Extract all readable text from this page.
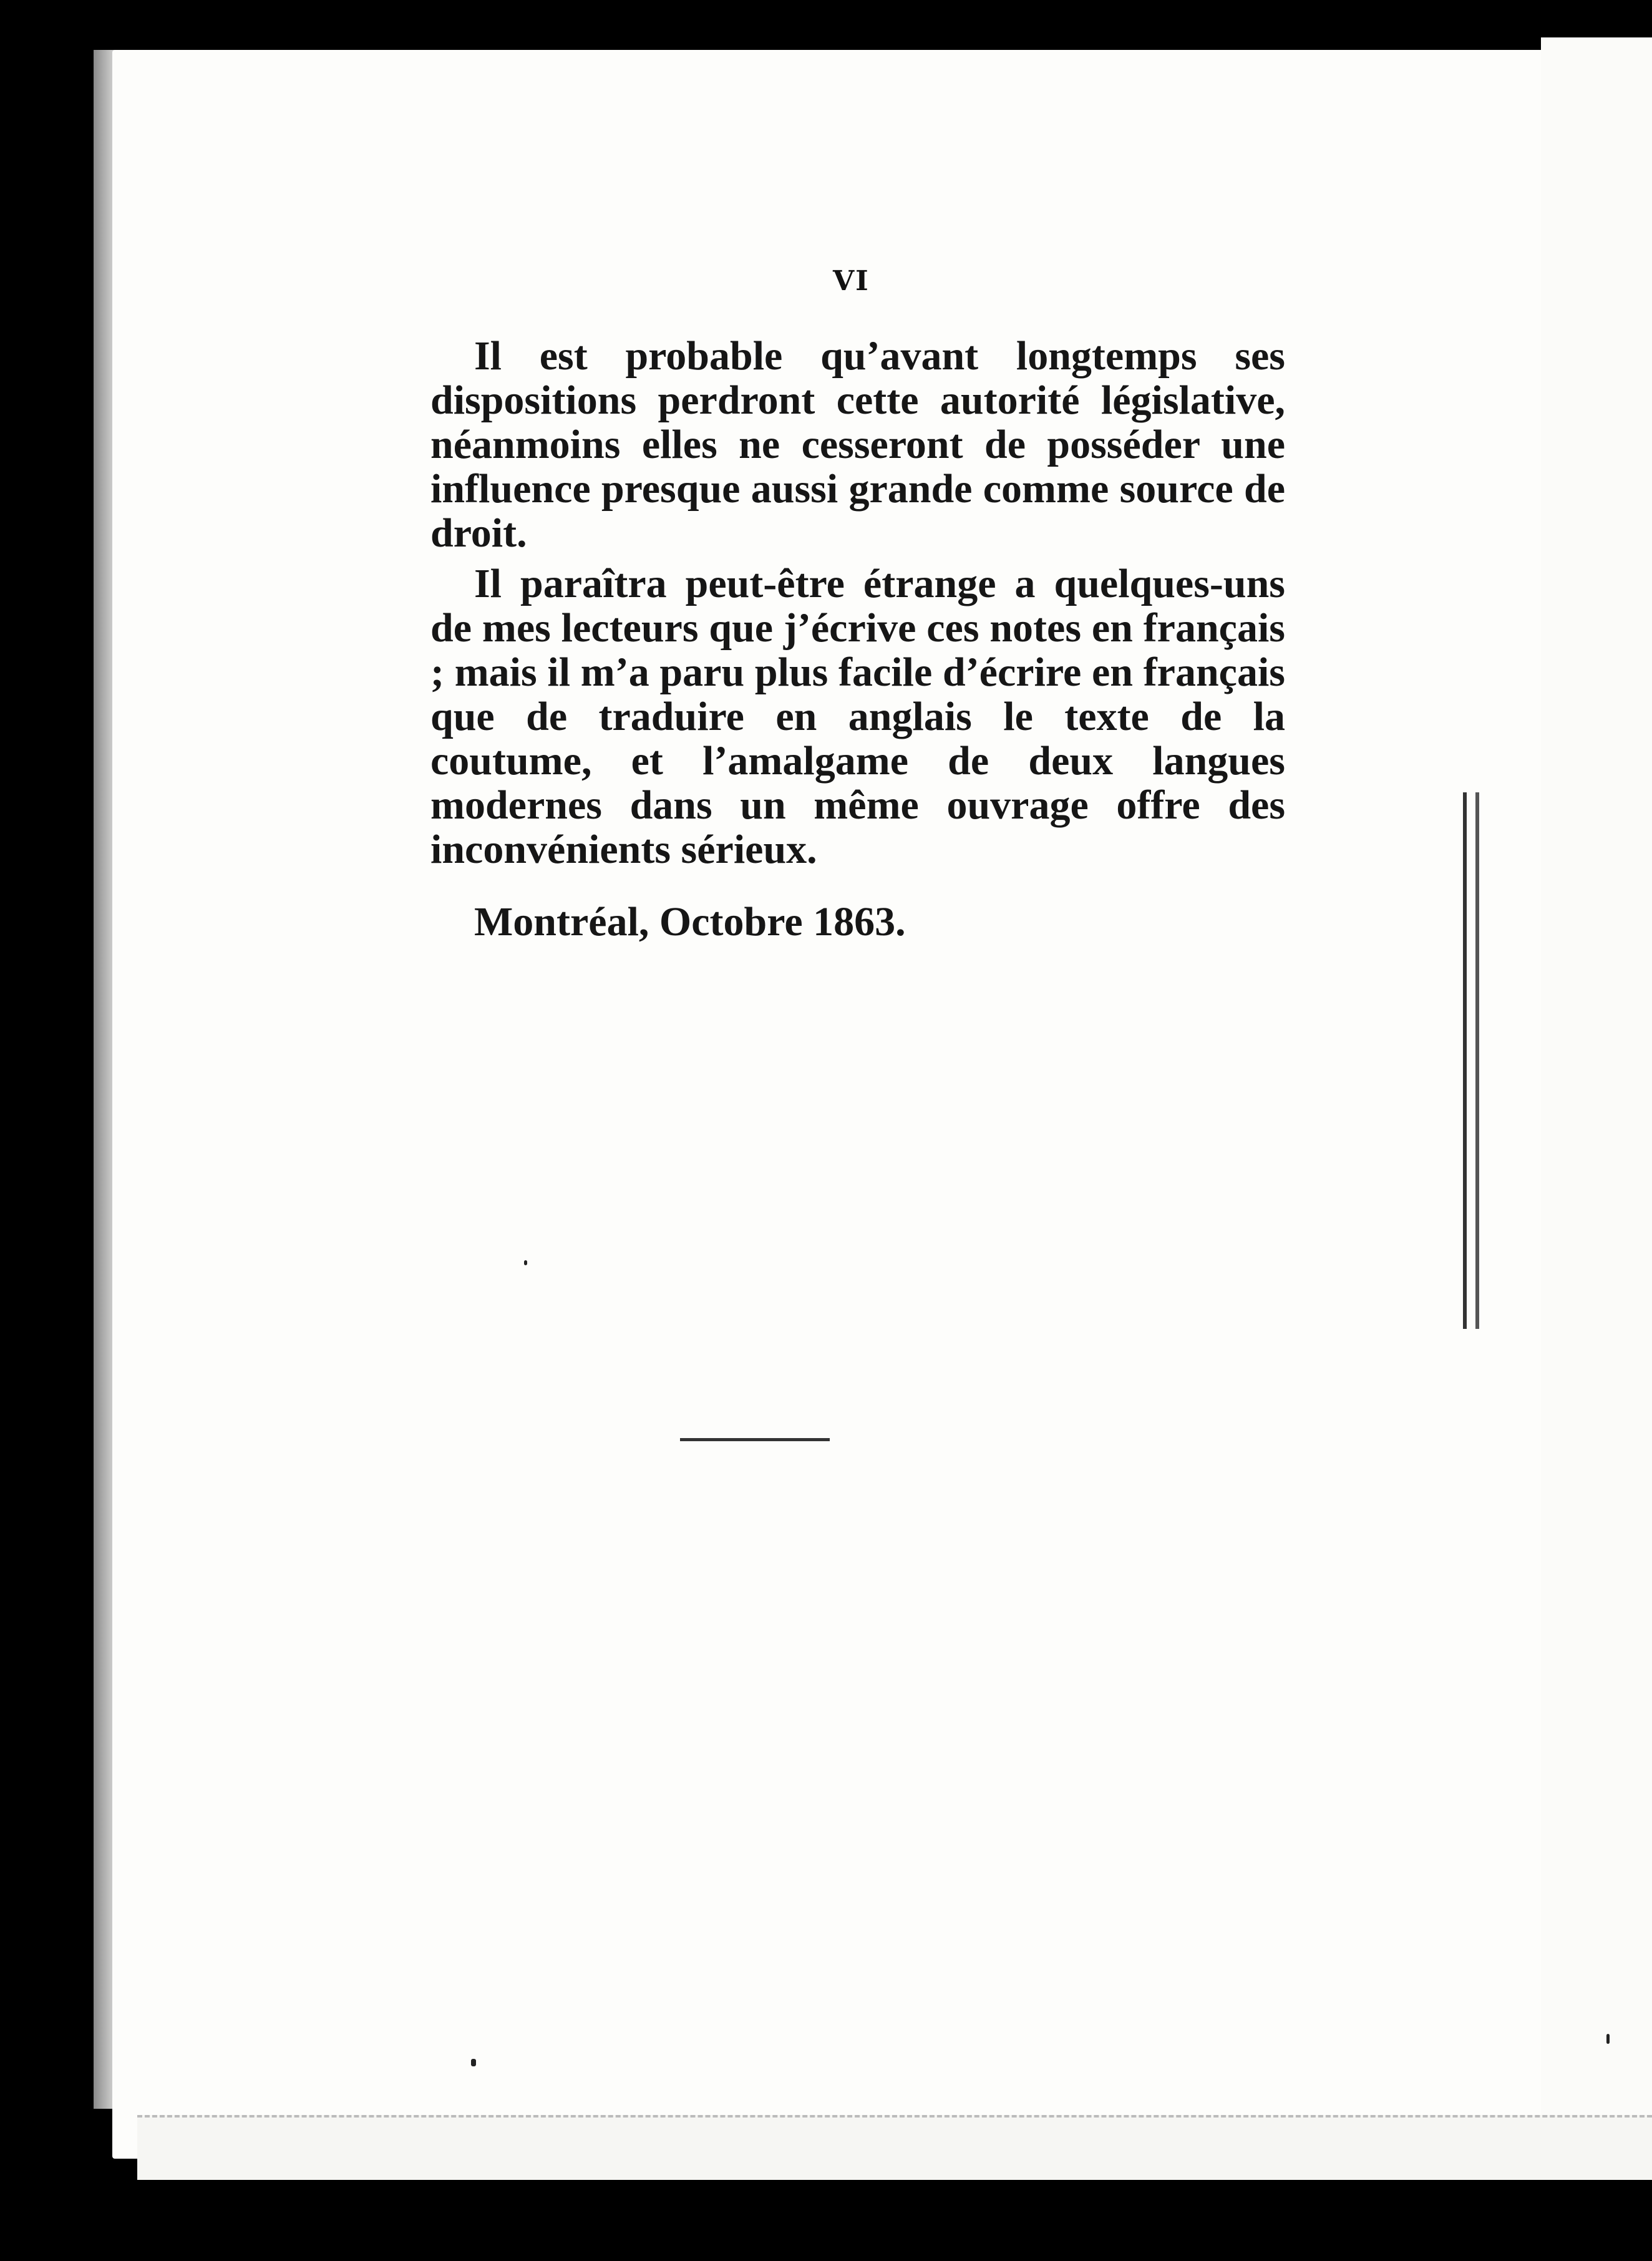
VI

Il est probable qu’avant longtemps ses dispositions perdront cette autorité législative, néanmoins elles ne cesseront de posséder une influence presque aussi grande comme source de droit.

Il paraîtra peut-être étrange a quelques-uns de mes lecteurs que j’écrive ces notes en français ; mais il m’a paru plus facile d’écrire en français que de traduire en anglais le texte de la coutume, et l’amalgame de deux langues modernes dans un même ouvrage offre des inconvénients sérieux.

Montréal, Octobre 1863.
